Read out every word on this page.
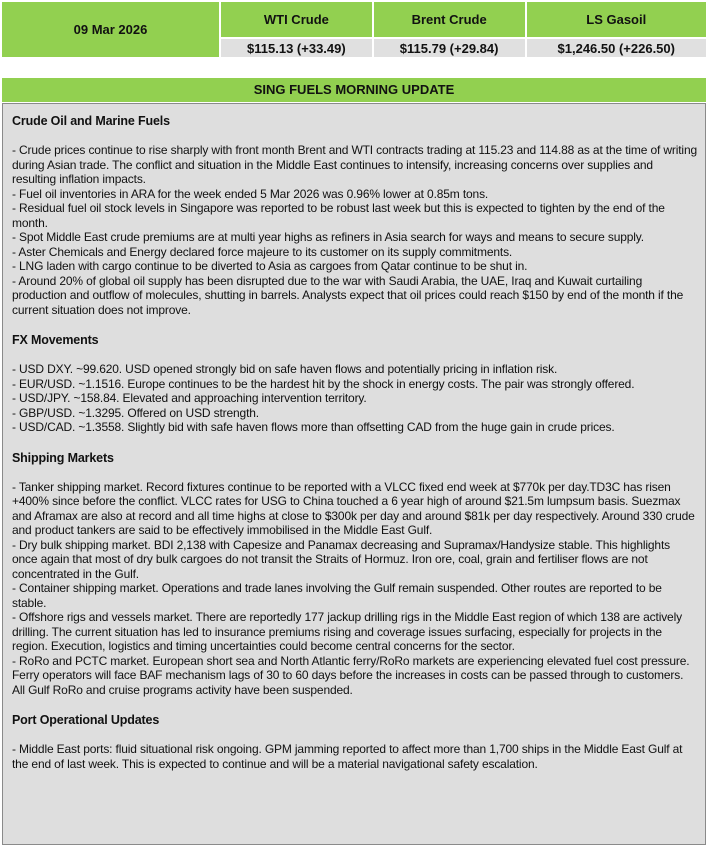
09 Mar 2026	WTI Crude	Brent Crude	LS Gasoil
	$115.13 (+33.49)	$115.79 (+29.84)	$1,246.50 (+226.50)
SING FUELS MORNING UPDATE
Crude Oil and Marine Fuels
- Crude prices continue to rise sharply with front month Brent and WTI contracts trading at 115.23 and 114.88 as at the time of writing during Asian trade. The conflict and situation in the Middle East continues to intensify, increasing concerns over supplies and resulting inflation impacts.
- Fuel oil inventories in ARA for the week ended 5 Mar 2026 was 0.96% lower at 0.85m tons.
- Residual fuel oil stock levels in Singapore was reported to be robust last week but this is expected to tighten by the end of the month.
- Spot Middle East crude premiums are at multi year highs as refiners in Asia search for ways and means to secure supply.
- Aster Chemicals and Energy declared force majeure to its customer on its supply commitments.
- LNG laden with cargo continue to be diverted to Asia as cargoes from Qatar continue to be shut in.
- Around 20% of global oil supply has been disrupted due to the war with Saudi Arabia, the UAE, Iraq and Kuwait curtailing production and outflow of molecules, shutting in barrels. Analysts expect that oil prices could reach $150 by end of the month if the current situation does not improve.
FX Movements
- USD DXY. ~99.620. USD opened strongly bid on safe haven flows and potentially pricing in inflation risk.
- EUR/USD. ~1.1516. Europe continues to be the hardest hit by the shock in energy costs. The pair was strongly offered.
- USD/JPY. ~158.84. Elevated and approaching intervention territory.
- GBP/USD. ~1.3295. Offered on USD strength.
- USD/CAD. ~1.3558. Slightly bid with safe haven flows more than offsetting CAD from the huge gain in crude prices.
Shipping Markets
- Tanker shipping market. Record fixtures continue to be reported with a VLCC fixed end week at $770k per day.TD3C has risen +400% since before the conflict. VLCC rates for USG to China touched a 6 year high of around $21.5m lumpsum basis. Suezmax and Aframax are also at record and all time highs at close to $300k per day and around $81k per day respectively. Around 330 crude and product tankers are said to be effectively immobilised in the Middle East Gulf.
- Dry bulk shipping market. BDI 2,138 with Capesize and Panamax decreasing and Supramax/Handysize stable. This highlights once again that most of dry bulk cargoes do not transit the Straits of Hormuz. Iron ore, coal, grain and fertiliser flows are not concentrated in the Gulf.
- Container shipping market. Operations and trade lanes involving the Gulf remain suspended. Other routes are reported to be stable.
- Offshore rigs and vessels market. There are reportedly 177 jackup drilling rigs in the Middle East region of which 138 are actively drilling. The current situation has led to insurance premiums rising and coverage issues surfacing, especially for projects in the region. Execution, logistics and timing uncertainties could become central concerns for the sector.
- RoRo and PCTC market. European short sea and North Atlantic ferry/RoRo markets are experiencing elevated fuel cost pressure. Ferry operators will face BAF mechanism lags of 30 to 60 days before the increases in costs can be passed through to customers. All Gulf RoRo and cruise programs activity have been suspended.
Port Operational Updates
- Middle East ports: fluid situational risk ongoing. GPM jamming reported to affect more than 1,700 ships in the Middle East Gulf at the end of last week. This is expected to continue and will be a material navigational safety escalation.
